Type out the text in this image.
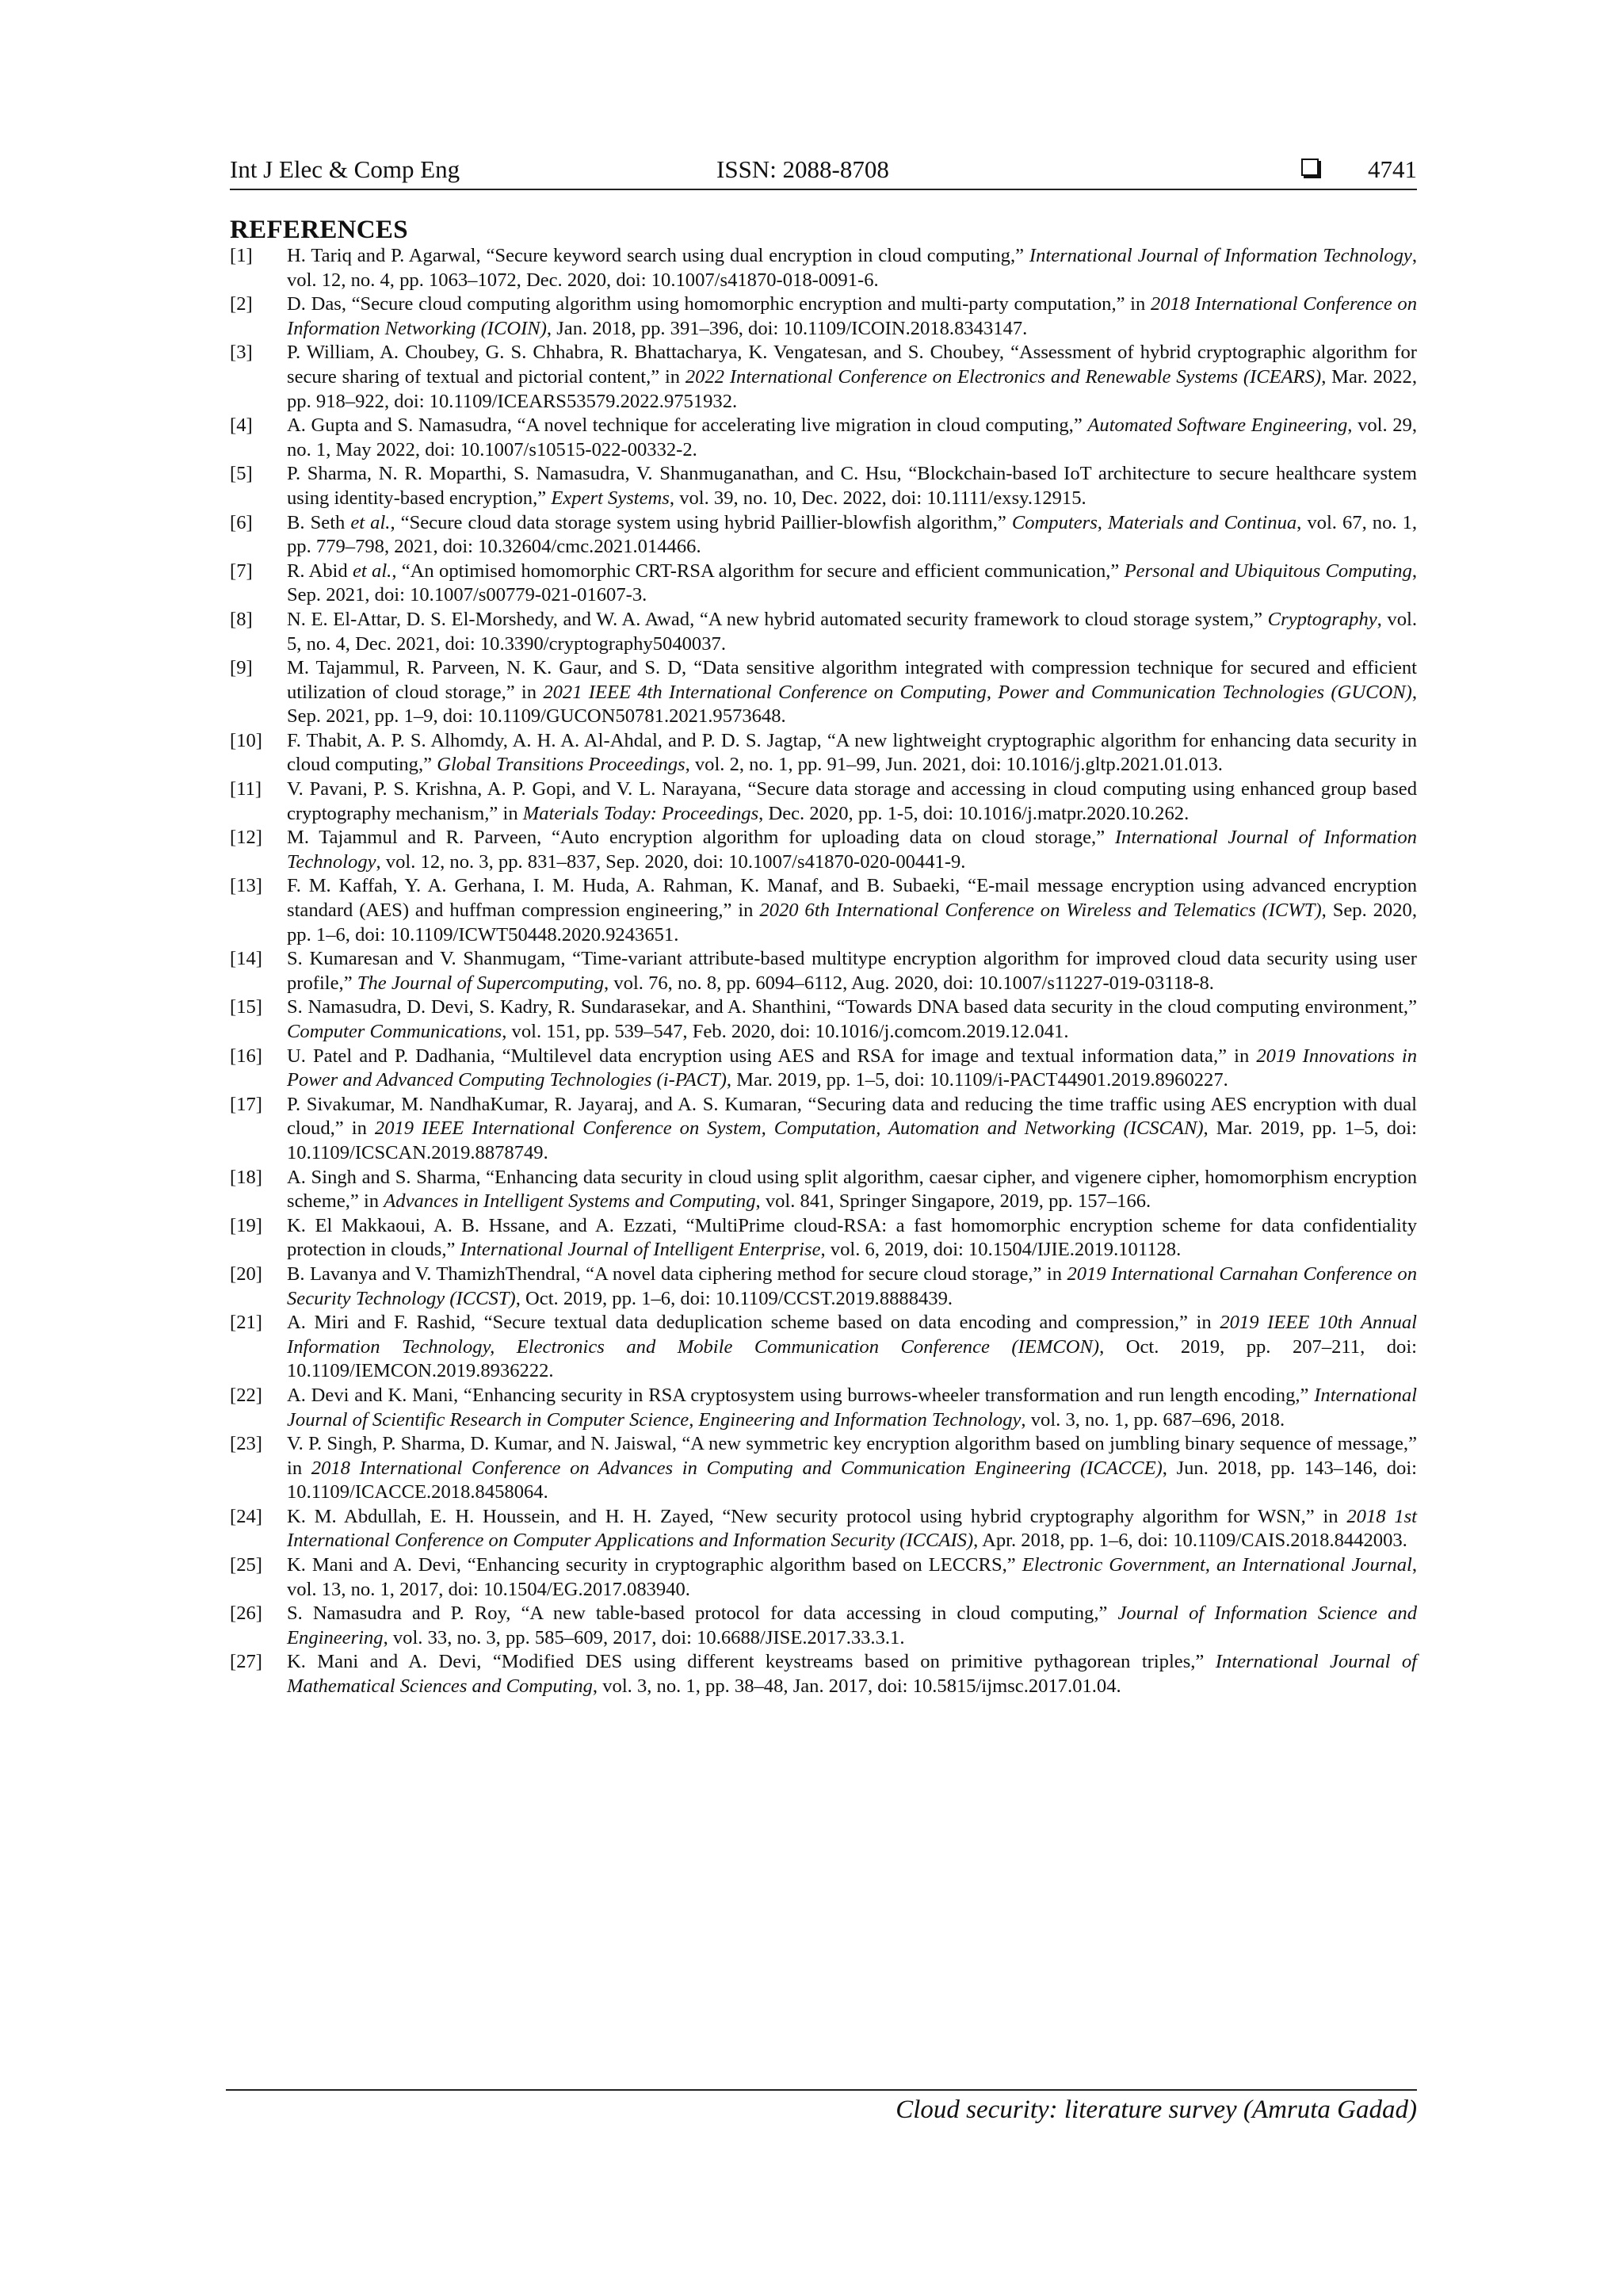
Int J Elec & Comp Eng	ISSN: 2088-8708	4741
REFERENCES
[1]	H. Tariq and P. Agarwal, “Secure keyword search using dual encryption in cloud computing,” International Journal of Information Technology, vol. 12, no. 4, pp. 1063–1072, Dec. 2020, doi: 10.1007/s41870-018-0091-6.
[2]	D. Das, “Secure cloud computing algorithm using homomorphic encryption and multi-party computation,” in 2018 International Conference on Information Networking (ICOIN), Jan. 2018, pp. 391–396, doi: 10.1109/ICOIN.2018.8343147.
[3]	P. William, A. Choubey, G. S. Chhabra, R. Bhattacharya, K. Vengatesan, and S. Choubey, “Assessment of hybrid cryptographic algorithm for secure sharing of textual and pictorial content,” in 2022 International Conference on Electronics and Renewable Systems (ICEARS), Mar. 2022, pp. 918–922, doi: 10.1109/ICEARS53579.2022.9751932.
[4]	A. Gupta and S. Namasudra, “A novel technique for accelerating live migration in cloud computing,” Automated Software Engineering, vol. 29, no. 1, May 2022, doi: 10.1007/s10515-022-00332-2.
[5]	P. Sharma, N. R. Moparthi, S. Namasudra, V. Shanmuganathan, and C. Hsu, “Blockchain-based IoT architecture to secure healthcare system using identity-based encryption,” Expert Systems, vol. 39, no. 10, Dec. 2022, doi: 10.1111/exsy.12915.
[6]	B. Seth et al., “Secure cloud data storage system using hybrid Paillier-blowfish algorithm,” Computers, Materials and Continua, vol. 67, no. 1, pp. 779–798, 2021, doi: 10.32604/cmc.2021.014466.
[7]	R. Abid et al., “An optimised homomorphic CRT-RSA algorithm for secure and efficient communication,” Personal and Ubiquitous Computing, Sep. 2021, doi: 10.1007/s00779-021-01607-3.
[8]	N. E. El-Attar, D. S. El-Morshedy, and W. A. Awad, “A new hybrid automated security framework to cloud storage system,” Cryptography, vol. 5, no. 4, Dec. 2021, doi: 10.3390/cryptography5040037.
[9]	M. Tajammul, R. Parveen, N. K. Gaur, and S. D, “Data sensitive algorithm integrated with compression technique for secured and efficient utilization of cloud storage,” in 2021 IEEE 4th International Conference on Computing, Power and Communication Technologies (GUCON), Sep. 2021, pp. 1–9, doi: 10.1109/GUCON50781.2021.9573648.
[10]	F. Thabit, A. P. S. Alhomdy, A. H. A. Al-Ahdal, and P. D. S. Jagtap, “A new lightweight cryptographic algorithm for enhancing data security in cloud computing,” Global Transitions Proceedings, vol. 2, no. 1, pp. 91–99, Jun. 2021, doi: 10.1016/j.gltp.2021.01.013.
[11]	V. Pavani, P. S. Krishna, A. P. Gopi, and V. L. Narayana, “Secure data storage and accessing in cloud computing using enhanced group based cryptography mechanism,” in Materials Today: Proceedings, Dec. 2020, pp. 1-5, doi: 10.1016/j.matpr.2020.10.262.
[12]	M. Tajammul and R. Parveen, “Auto encryption algorithm for uploading data on cloud storage,” International Journal of Information Technology, vol. 12, no. 3, pp. 831–837, Sep. 2020, doi: 10.1007/s41870-020-00441-9.
[13]	F. M. Kaffah, Y. A. Gerhana, I. M. Huda, A. Rahman, K. Manaf, and B. Subaeki, “E-mail message encryption using advanced encryption standard (AES) and huffman compression engineering,” in 2020 6th International Conference on Wireless and Telematics (ICWT), Sep. 2020, pp. 1–6, doi: 10.1109/ICWT50448.2020.9243651.
[14]	S. Kumaresan and V. Shanmugam, “Time-variant attribute-based multitype encryption algorithm for improved cloud data security using user profile,” The Journal of Supercomputing, vol. 76, no. 8, pp. 6094–6112, Aug. 2020, doi: 10.1007/s11227-019-03118-8.
[15]	S. Namasudra, D. Devi, S. Kadry, R. Sundarasekar, and A. Shanthini, “Towards DNA based data security in the cloud computing environment,” Computer Communications, vol. 151, pp. 539–547, Feb. 2020, doi: 10.1016/j.comcom.2019.12.041.
[16]	U. Patel and P. Dadhania, “Multilevel data encryption using AES and RSA for image and textual information data,” in 2019 Innovations in Power and Advanced Computing Technologies (i-PACT), Mar. 2019, pp. 1–5, doi: 10.1109/i-PACT44901.2019.8960227.
[17]	P. Sivakumar, M. NandhaKumar, R. Jayaraj, and A. S. Kumaran, “Securing data and reducing the time traffic using AES encryption with dual cloud,” in 2019 IEEE International Conference on System, Computation, Automation and Networking (ICSCAN), Mar. 2019, pp. 1–5, doi: 10.1109/ICSCAN.2019.8878749.
[18]	A. Singh and S. Sharma, “Enhancing data security in cloud using split algorithm, caesar cipher, and vigenere cipher, homomorphism encryption scheme,” in Advances in Intelligent Systems and Computing, vol. 841, Springer Singapore, 2019, pp. 157–166.
[19]	K. El Makkaoui, A. B. Hssane, and A. Ezzati, “MultiPrime cloud-RSA: a fast homomorphic encryption scheme for data confidentiality protection in clouds,” International Journal of Intelligent Enterprise, vol. 6, 2019, doi: 10.1504/IJIE.2019.101128.
[20]	B. Lavanya and V. ThamizhThendral, “A novel data ciphering method for secure cloud storage,” in 2019 International Carnahan Conference on Security Technology (ICCST), Oct. 2019, pp. 1–6, doi: 10.1109/CCST.2019.8888439.
[21]	A. Miri and F. Rashid, “Secure textual data deduplication scheme based on data encoding and compression,” in 2019 IEEE 10th Annual Information Technology, Electronics and Mobile Communication Conference (IEMCON), Oct. 2019, pp. 207–211, doi: 10.1109/IEMCON.2019.8936222.
[22]	A. Devi and K. Mani, “Enhancing security in RSA cryptosystem using burrows-wheeler transformation and run length encoding,” International Journal of Scientific Research in Computer Science, Engineering and Information Technology, vol. 3, no. 1, pp. 687–696, 2018.
[23]	V. P. Singh, P. Sharma, D. Kumar, and N. Jaiswal, “A new symmetric key encryption algorithm based on jumbling binary sequence of message,” in 2018 International Conference on Advances in Computing and Communication Engineering (ICACCE), Jun. 2018, pp. 143–146, doi: 10.1109/ICACCE.2018.8458064.
[24]	K. M. Abdullah, E. H. Houssein, and H. H. Zayed, “New security protocol using hybrid cryptography algorithm for WSN,” in 2018 1st International Conference on Computer Applications and Information Security (ICCAIS), Apr. 2018, pp. 1–6, doi: 10.1109/CAIS.2018.8442003.
[25]	K. Mani and A. Devi, “Enhancing security in cryptographic algorithm based on LECCRS,” Electronic Government, an International Journal, vol. 13, no. 1, 2017, doi: 10.1504/EG.2017.083940.
[26]	S. Namasudra and P. Roy, “A new table-based protocol for data accessing in cloud computing,” Journal of Information Science and Engineering, vol. 33, no. 3, pp. 585–609, 2017, doi: 10.6688/JISE.2017.33.3.1.
[27]	K. Mani and A. Devi, “Modified DES using different keystreams based on primitive pythagorean triples,” International Journal of Mathematical Sciences and Computing, vol. 3, no. 1, pp. 38–48, Jan. 2017, doi: 10.5815/ijmsc.2017.01.04.
Cloud security: literature survey (Amruta Gadad)
